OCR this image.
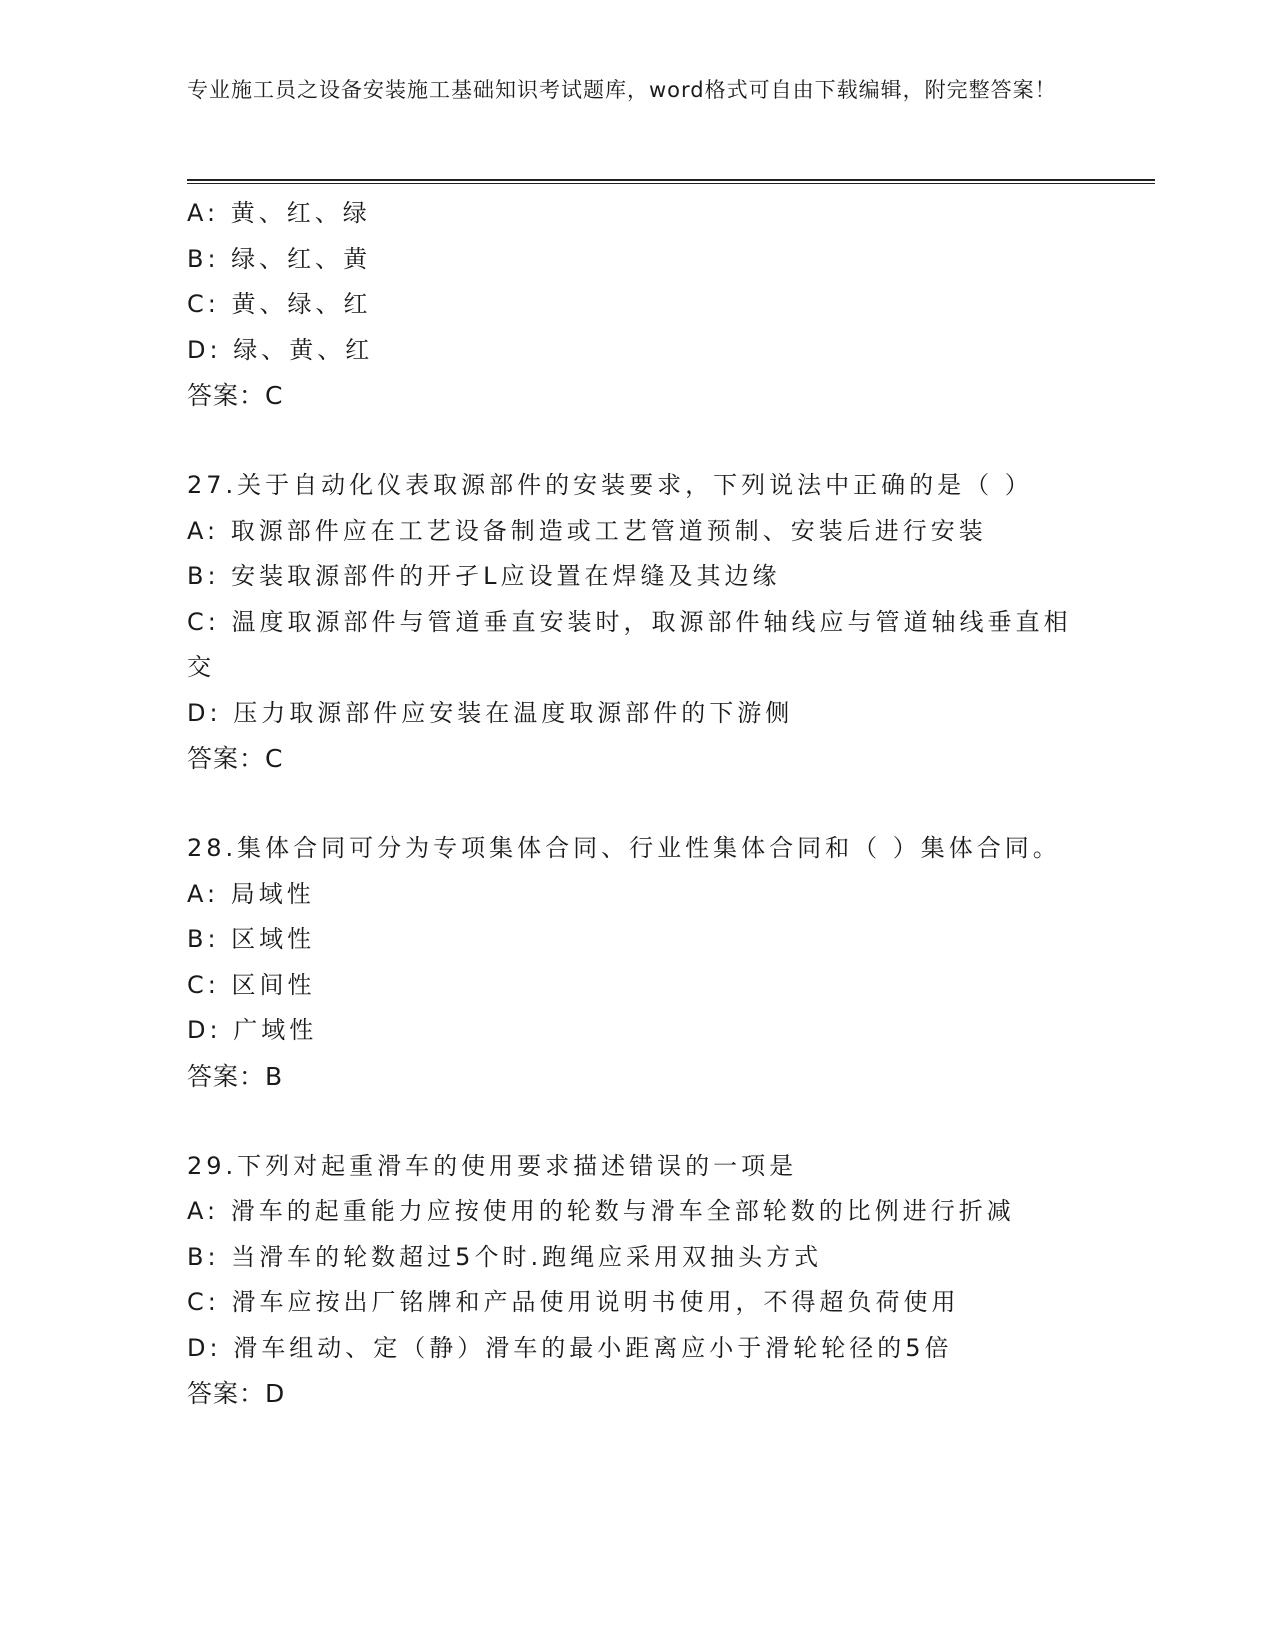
专业施工员之设备安装施工基础知识考试题库，word格式可自由下载编辑，附完整答案！
A: 黄、红、绿
B: 绿、红、黄
C: 黄、绿、红
D: 绿、黄、红
答案：C
27.关于自动化仪表取源部件的安装要求，下列说法中正确的是（ ）
A: 取源部件应在工艺设备制造或工艺管道预制、安装后进行安装
B: 安装取源部件的开孑L应设置在焊缝及其边缘
C: 温度取源部件与管道垂直安装时，取源部件轴线应与管道轴线垂直相交
D: 压力取源部件应安装在温度取源部件的下游侧
答案：C
28.集体合同可分为专项集体合同、行业性集体合同和（ ）集体合同。
A: 局域性
B: 区域性
C: 区间性
D: 广域性
答案：B
29.下列对起重滑车的使用要求描述错误的一项是
A: 滑车的起重能力应按使用的轮数与滑车全部轮数的比例进行折减
B: 当滑车的轮数超过5个时.跑绳应采用双抽头方式
C: 滑车应按出厂铭牌和产品使用说明书使用，不得超负荷使用
D: 滑车组动、定（静）滑车的最小距离应小于滑轮轮径的5倍
答案：D
